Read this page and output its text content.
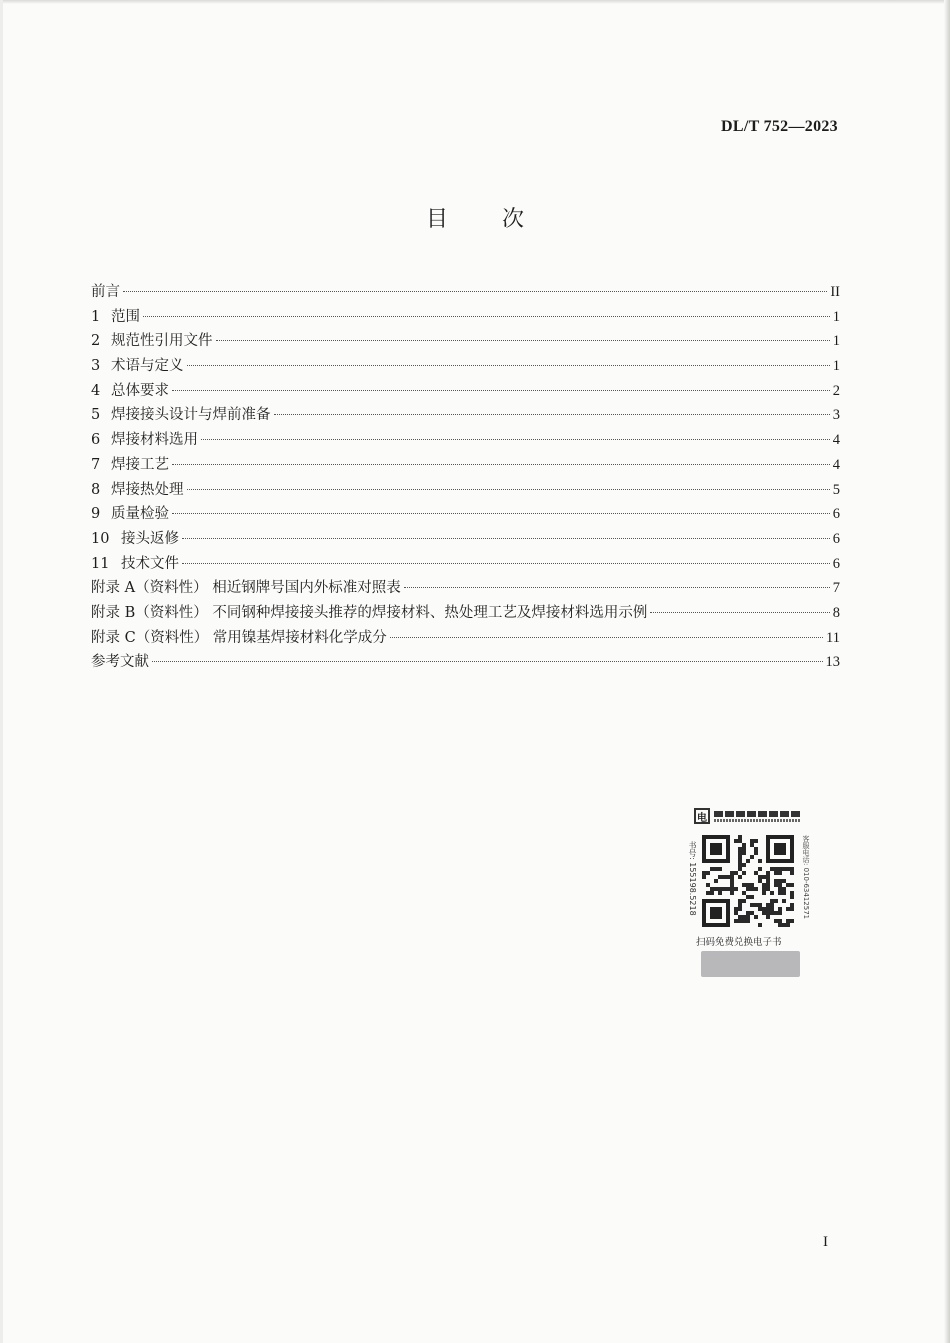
DL/T 752—2023
目次
前言	II
1 范围	1
2 规范性引用文件	1
3 术语与定义	1
4 总体要求	2
5 焊接接头设计与焊前准备	3
6 焊接材料选用	4
7 焊接工艺	4
8 焊接热处理	5
9 质量检验	6
10 接头返修	6
11 技术文件	6
附录 A（资料性） 相近钢牌号国内外标准对照表	7
附录 B（资料性） 不同钢种焊接接头推荐的焊接材料、热处理工艺及焊接材料选用示例	8
附录 C（资料性） 常用镍基焊接材料化学成分	11
参考文献	13
电
书号: 155198.5218	客服电话: 010-63412571
扫码免费兑换电子书
I
